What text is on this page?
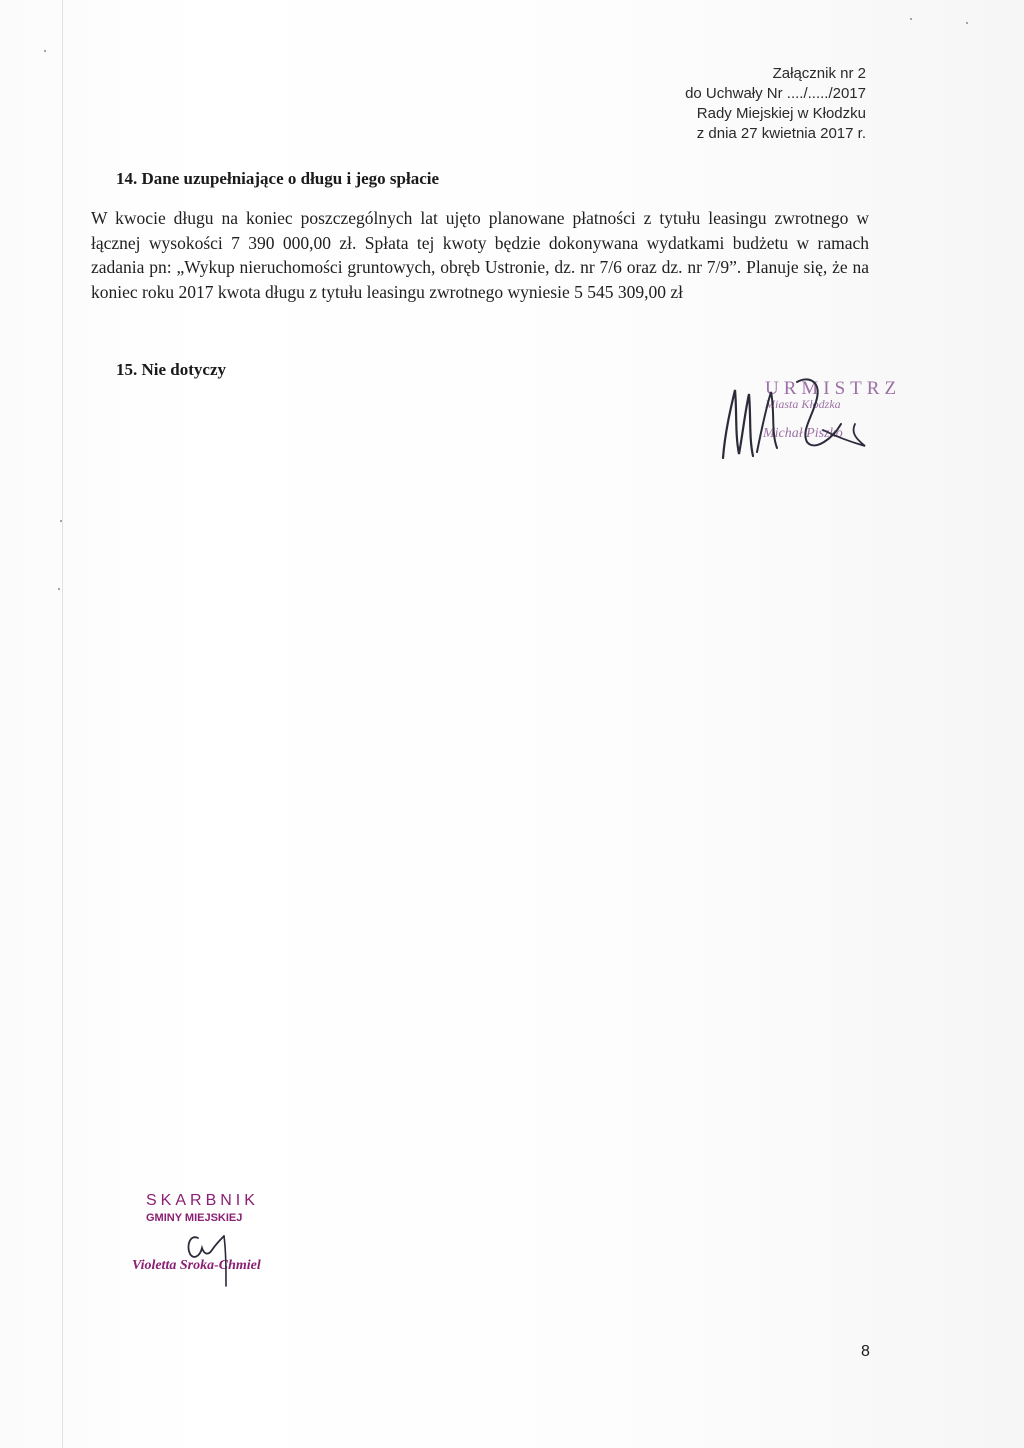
Załącznik nr 2
do Uchwały Nr ..../...../2017
Rady Miejskiej w Kłodzku
z dnia 27 kwietnia 2017 r.
14. Dane uzupełniające o długu i jego spłacie
W kwocie długu na koniec poszczególnych lat ujęto planowane płatności z tytułu leasingu zwrotnego w łącznej wysokości 7 390 000,00 zł. Spłata tej kwoty będzie dokonywana wydatkami budżetu w ramach zadania pn: „Wykup nieruchomości gruntowych, obręb Ustronie, dz. nr 7/6 oraz dz. nr 7/9”. Planuje się, że na koniec roku 2017 kwota długu z tytułu leasingu zwrotnego wyniesie 5 545 309,00 zł
15. Nie dotyczy
URMISTRZ
Miasta Kłodzka
Michał Piszko
SKARBNIK
GMINY MIEJSKIEJ
Violetta Sroka-Chmiel
8
